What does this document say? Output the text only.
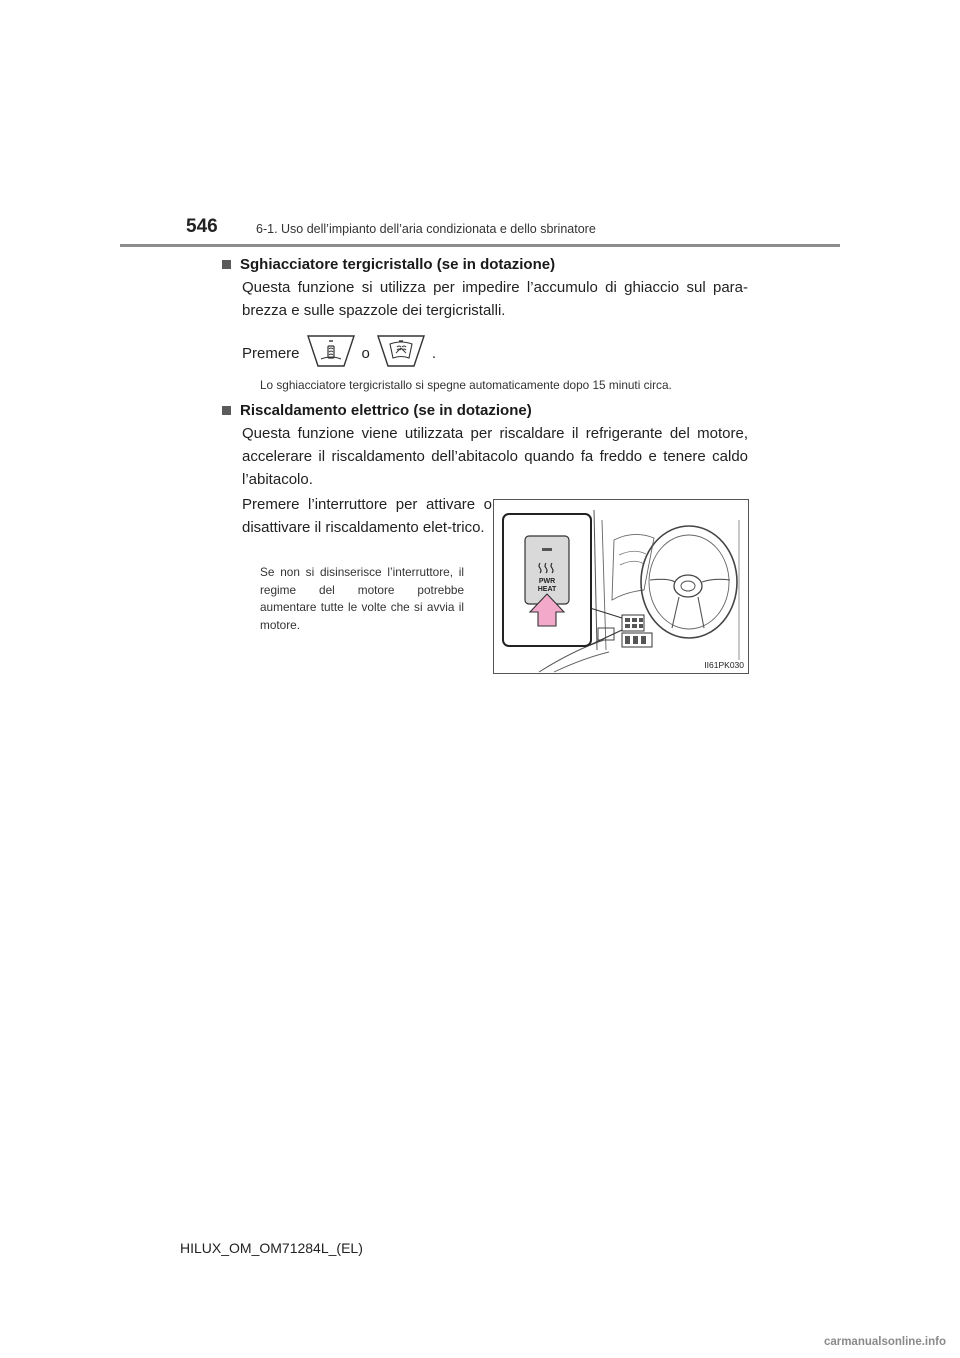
546	6-1. Uso dell’impianto dell’aria condizionata e dello sbrinatore
Sghiacciatore tergicristallo (se in dotazione)
Questa funzione si utilizza per impedire l’accumulo di ghiaccio sul para-brezza e sulle spazzole dei tergicristalli.
Premere	o	.
Lo sghiacciatore tergicristallo si spegne automaticamente dopo 15 minuti circa.
Riscaldamento elettrico (se in dotazione)
Questa funzione viene utilizzata per riscaldare il refrigerante del motore, accelerare il riscaldamento dell’abitacolo quando fa freddo e tenere caldo l’abitacolo.
Premere l’interruttore per attivare o disattivare il riscaldamento elet-trico.
Se non si disinserisce l’interruttore, il regime del motore potrebbe aumentare tutte le volte che si avvia il motore.
PWR
HEAT
II61PK030
HILUX_OM_OM71284L_(EL)
carmanualsonline.info
